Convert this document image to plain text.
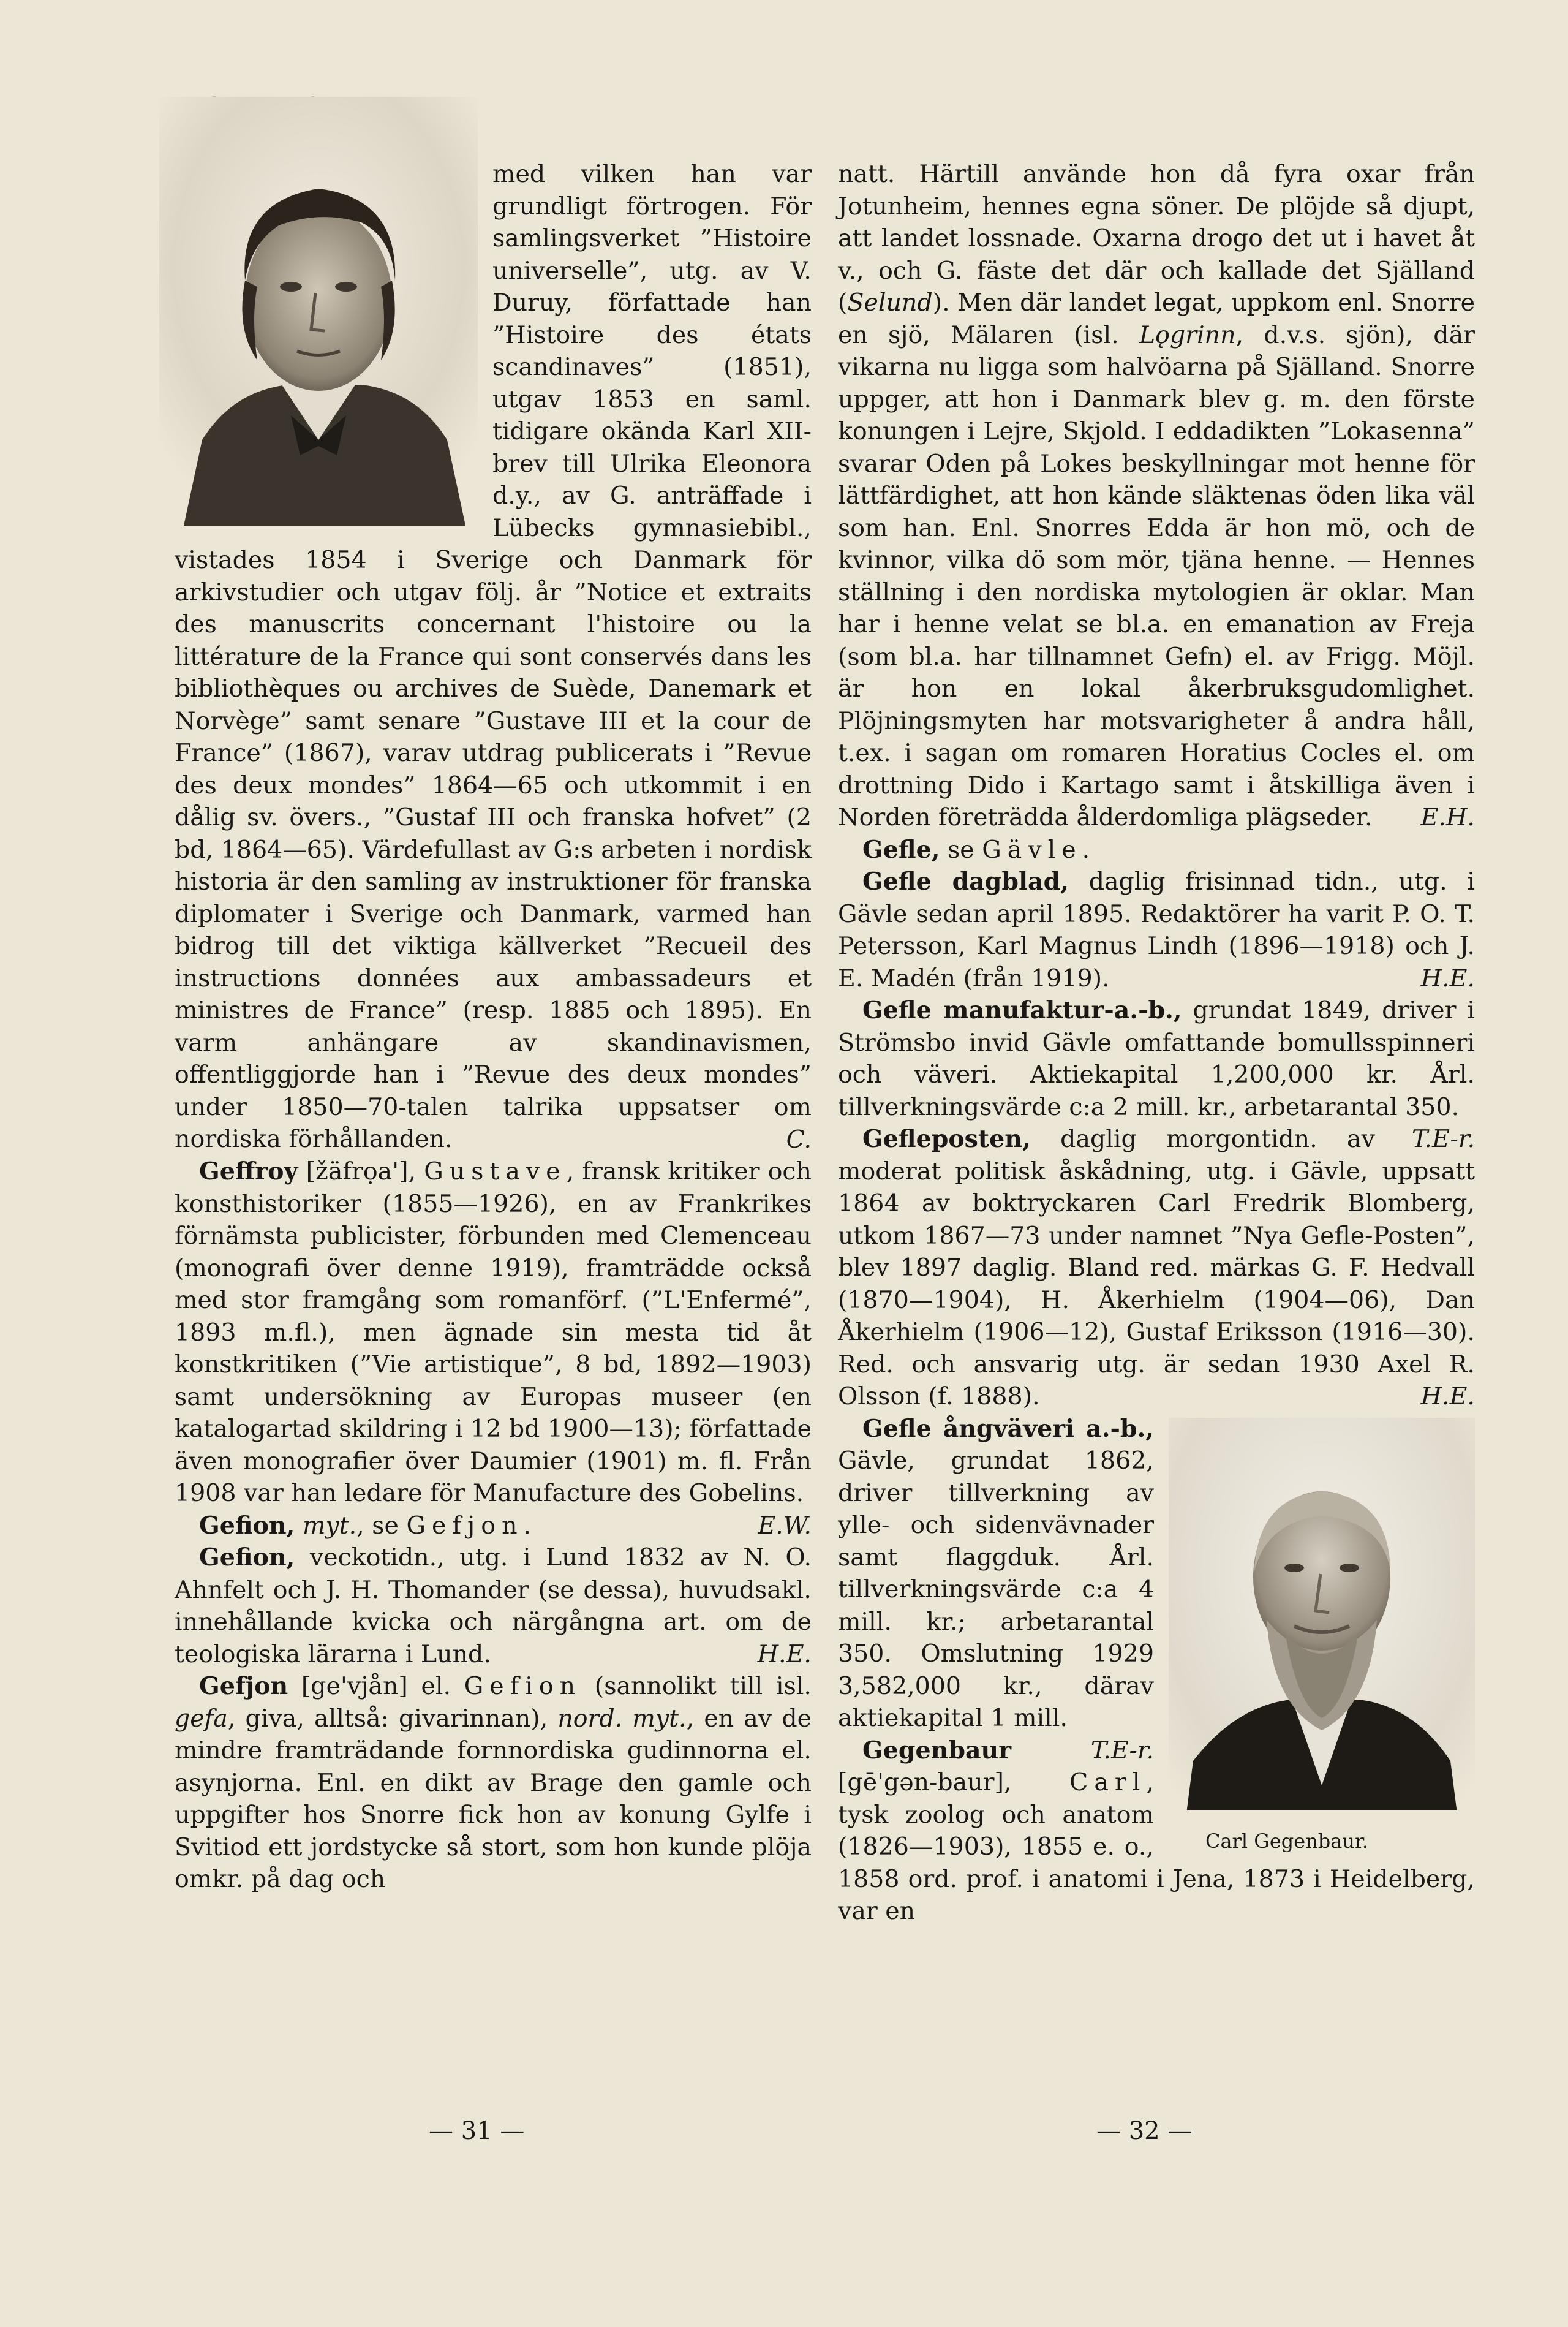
med vilken han var grundligt förtrogen. För samlingsverket ”Histoire universelle”, utg. av V. Duruy, författade han ”Histoire des états scandinaves” (1851), utgav 1853 en saml. tidigare okända Karl XII-brev till Ulrika Eleonora d.y., av G. anträffade i Lübecks gymnasiebibl., vistades 1854 i Sverige och Danmark för arkivstudier och utgav följ. år ”Notice et extraits des manuscrits concernant l'histoire ou la littérature de la France qui sont conservés dans les bibliothèques ou archives de Suède, Danemark et Norvège” samt senare ”Gustave III et la cour de France” (1867), varav utdrag publicerats i ”Revue des deux mondes” 1864—65 och utkommit i en dålig sv. övers., ”Gustaf III och franska hofvet” (2 bd, 1864—65). Värdefullast av G:s arbeten i nordisk historia är den samling av instruktioner för franska diplomater i Sverige och Danmark, varmed han bidrog till det viktiga källverket ”Recueil des instructions données aux ambassadeurs et ministres de France” (resp. 1885 och 1895). En varm anhängare av skandinavismen, offentliggjorde han i ”Revue des deux mondes” under 1850—70-talen talrika uppsatser om nordiska förhållanden.	C.

Geffroy [žäfrọa'], Gustave, fransk kritiker och konsthistoriker (1855—1926), en av Frankrikes förnämsta publicister, förbunden med Clemenceau (monografi över denne 1919), framträdde också med stor framgång som romanförf. (”L'Enfermé”, 1893 m.fl.), men ägnade sin mesta tid åt konstkritiken (”Vie artistique”, 8 bd, 1892—1903) samt undersökning av Europas museer (en katalogartad skildring i 12 bd 1900—13); författade även monografier över Daumier (1901) m. fl. Från 1908 var han ledare för Manufacture des Gobelins.
E.W.

Gefion, myt., se Gefjon.

Gefion, veckotidn., utg. i Lund 1832 av N. O. Ahnfelt och J. H. Thomander (se dessa), huvudsakl. innehållande kvicka och närgångna art. om de teologiska lärarna i Lund.	H.E.

Gefjon [ge'vjån] el. Gefion (sannolikt till isl. gefa, giva, alltså: givarinnan), nord. myt., en av de mindre framträdande fornnordiska gudinnorna el. asynjorna. Enl. en dikt av Brage den gamle och uppgifter hos Snorre fick hon av konung Gylfe i Svitiod ett jordstycke så stort, som hon kunde plöja omkr. på dag och

natt. Härtill använde hon då fyra oxar från Jotunheim, hennes egna söner. De plöjde så djupt, att landet lossnade. Oxarna drogo det ut i havet åt v., och G. fäste det där och kallade det Själland (Selund). Men där landet legat, uppkom enl. Snorre en sjö, Mälaren (isl. Lǫgrinn, d.v.s. sjön), där vikarna nu ligga som halvöarna på Själland. Snorre uppger, att hon i Danmark blev g. m. den förste konungen i Lejre, Skjold. I eddadikten ”Lokasenna” svarar Oden på Lokes beskyllningar mot henne för lättfärdighet, att hon kände släktenas öden lika väl som han. Enl. Snorres Edda är hon mö, och de kvinnor, vilka dö som mör, tjäna henne. — Hennes ställning i den nordiska mytologien är oklar. Man har i henne velat se bl.a. en emanation av Freja (som bl.a. har tillnamnet Gefn) el. av Frigg. Möjl. är hon en lokal åkerbruksgudomlighet. Plöjningsmyten har motsvarigheter å andra håll, t.ex. i sagan om romaren Horatius Cocles el. om drottning Dido i Kartago samt i åtskilliga även i Norden företrädda ålderdomliga plägseder.	E.H.

Gefle, se Gävle.

Gefle dagblad, daglig frisinnad tidn., utg. i Gävle sedan april 1895. Redaktörer ha varit P. O. T. Petersson, Karl Magnus Lindh (1896—1918) och J. E. Madén (från 1919).	H.E.

Gefle manufaktur-a.-b., grundat 1849, driver i Strömsbo invid Gävle omfattande bomullsspinneri och väveri. Aktiekapital 1,200,000 kr. Årl. tillverkningsvärde c:a 2 mill. kr., arbetarantal 350.
T.E-r.

Gefleposten, daglig morgontidn. av moderat politisk åskådning, utg. i Gävle, uppsatt 1864 av boktryckaren Carl Fredrik Blomberg, utkom 1867—73 under namnet ”Nya Gefle-Posten”, blev 1897 daglig. Bland red. märkas G. F. Hedvall (1870—1904), H. Åkerhielm (1904—06), Dan Åkerhielm (1906—12), Gustaf Eriksson (1916—30). Red. och ansvarig utg. är sedan 1930 Axel R. Olsson (f. 1888).	H.E.

Carl Gegenbaur.

Gefle ångväveri a.-b., Gävle, grundat 1862, driver tillverkning av ylle- och sidenvävnader samt flaggduk. Årl. tillverkningsvärde c:a 4 mill. kr.; arbetarantal 350. Omslutning 1929 3,582,000 kr., därav aktiekapital 1 mill.
T.E-r.

Gegenbaur [gē'gən-baur], Carl, tysk zoolog och anatom (1826—1903), 1855 e. o., 1858 ord. prof. i anatomi i Jena, 1873 i Heidelberg, var en

— 31 —	— 32 —
